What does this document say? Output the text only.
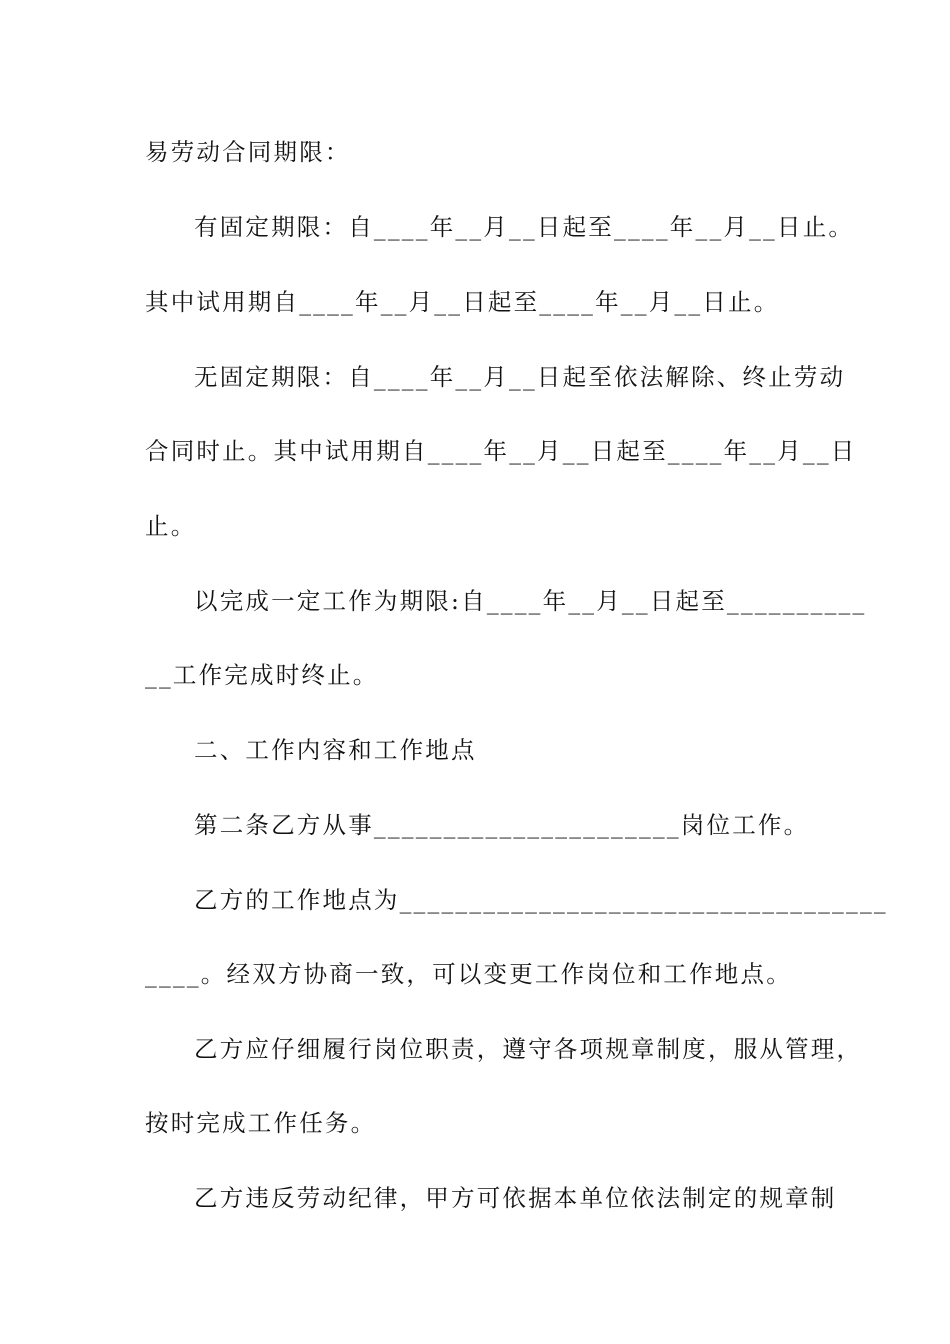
易劳动合同期限：
有固定期限：自____年__月__日起至____年__月__日止。
其中试用期自____年__月__日起至____年__月__日止。
无固定期限：自____年__月__日起至依法解除、终止劳动
合同时止。其中试用期自____年__月__日起至____年__月__日
止。
以完成一定工作为期限:自____年__月__日起至__________
__工作完成时终止。
二、工作内容和工作地点
第二条乙方从事______________________岗位工作。
乙方的工作地点为___________________________________
____。经双方协商一致，可以变更工作岗位和工作地点。
乙方应仔细履行岗位职责，遵守各项规章制度，服从管理，
按时完成工作任务。
乙方违反劳动纪律，甲方可依据本单位依法制定的规章制
